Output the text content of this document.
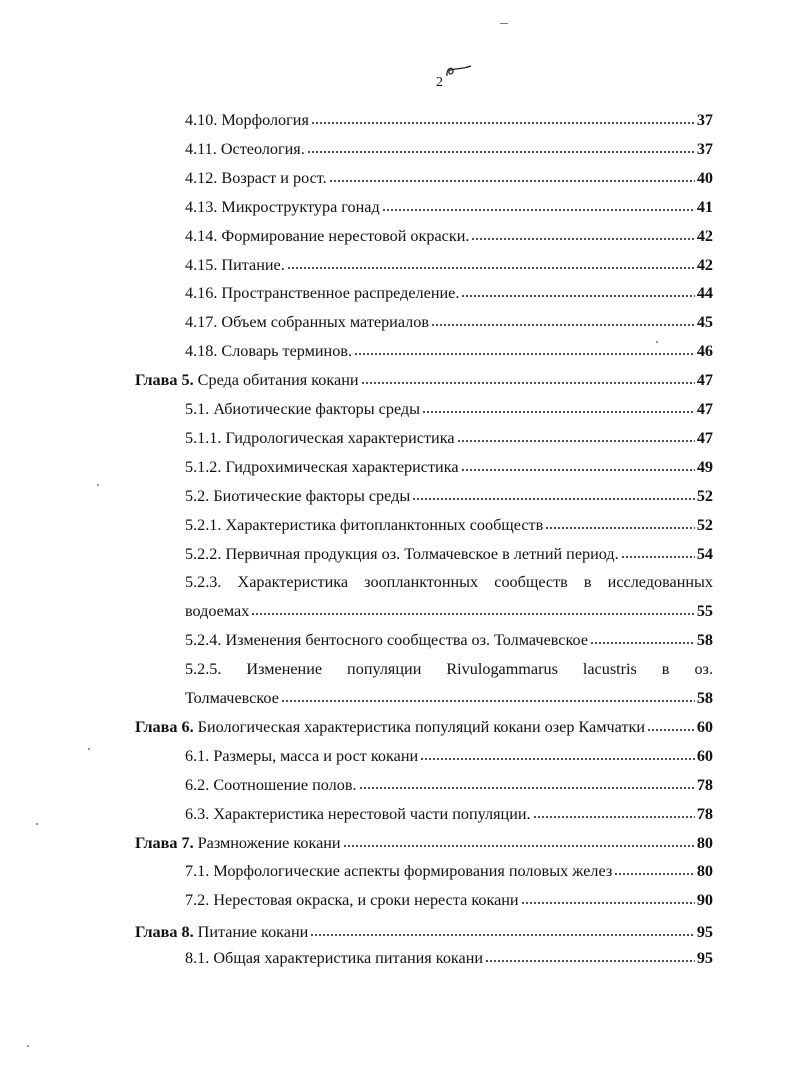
2
4.10. Морфология	37
4.11. Остеология.	37
4.12. Возраст и рост.	40
4.13. Микроструктура гонад	41
4.14. Формирование нерестовой окраски.	42
4.15. Питание.	42
4.16. Пространственное распределение.	44
4.17. Объем собранных материалов	45
4.18. Словарь терминов.	46
Глава 5. Среда обитания кокани	47
5.1. Абиотические факторы среды	47
5.1.1. Гидрологическая характеристика	47
5.1.2. Гидрохимическая характеристика	49
5.2. Биотические факторы среды	52
5.2.1. Характеристика фитопланктонных сообществ	52
5.2.2. Первичная продукция оз. Толмачевское в летний период.	54
5.2.3. Характеристика зоопланктонных сообществ в исследованных
водоемах	55
5.2.4. Изменения бентосного сообщества оз. Толмачевское	58
5.2.5. Изменение популяции Rivulogammarus lacustris в оз.
Толмачевское	58
Глава 6. Биологическая характеристика популяций кокани озер Камчатки	60
6.1. Размеры, масса и рост кокани	60
6.2. Соотношение полов.	78
6.3. Характеристика нерестовой части популяции.	78
Глава 7. Размножение кокани	80
7.1. Морфологические аспекты формирования половых желез	80
7.2. Нерестовая окраска, и сроки нереста кокани	90
Глава 8. Питание кокани	95
8.1. Общая характеристика питания кокани	95
